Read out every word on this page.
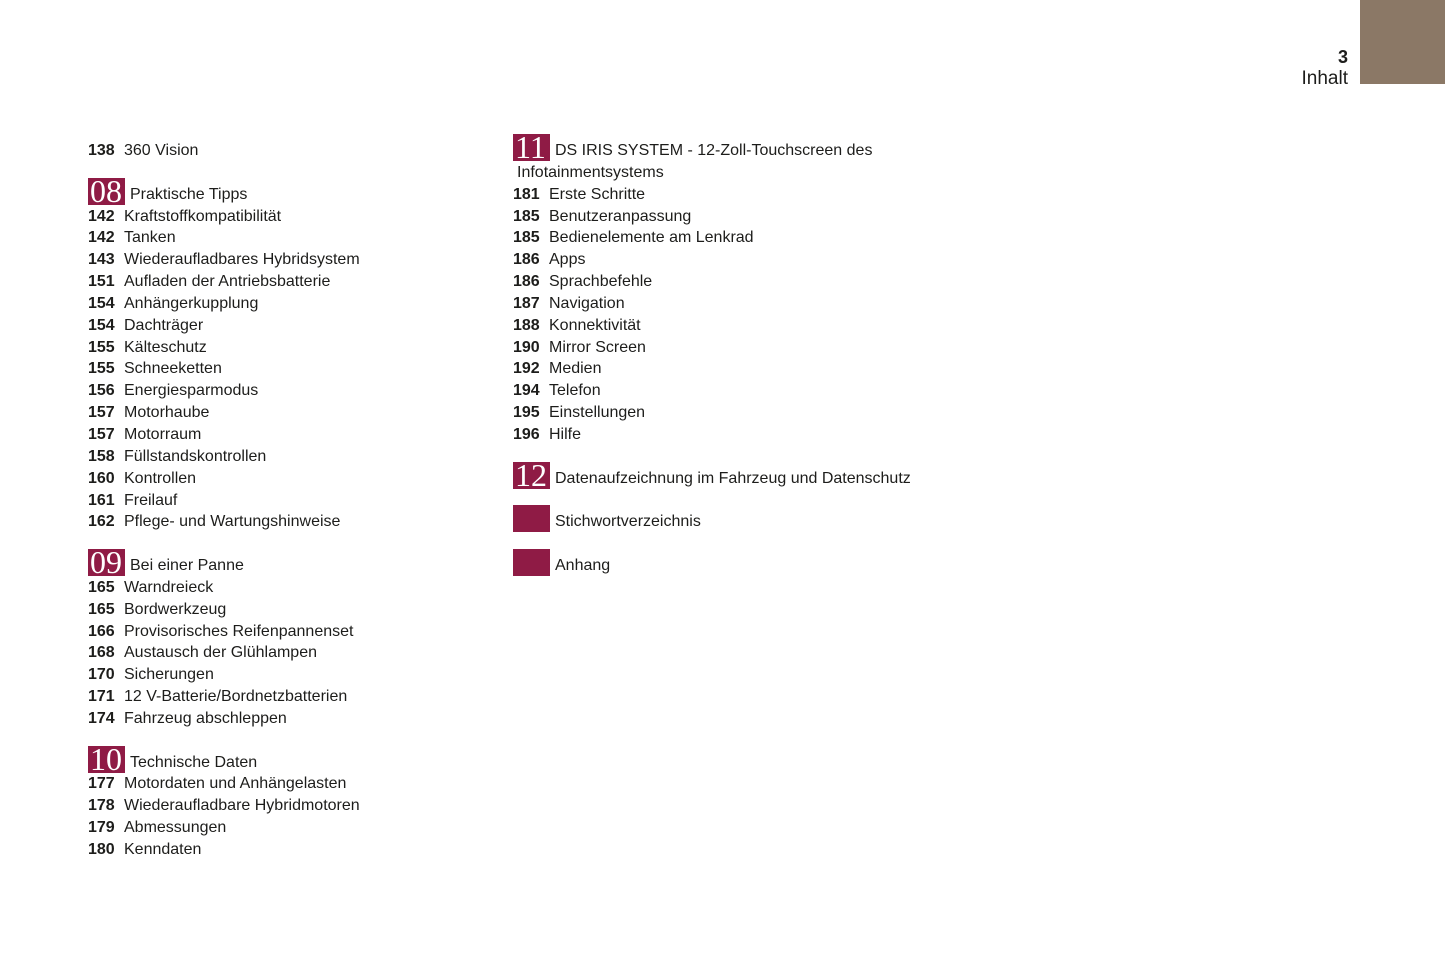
3
Inhalt
138 360 Vision
08 Praktische Tipps
142 Kraftstoffkompatibilität
142 Tanken
143 Wiederaufladbares Hybridsystem
151 Aufladen der Antriebsbatterie
154 Anhängerkupplung
154 Dachträger
155 Kälteschutz
155 Schneeketten
156 Energiesparmodus
157 Motorhaube
157 Motorraum
158 Füllstandskontrollen
160 Kontrollen
161 Freilauf
162 Pflege- und Wartungshinweise
09 Bei einer Panne
165 Warndreieck
165 Bordwerkzeug
166 Provisorisches Reifenpannenset
168 Austausch der Glühlampen
170 Sicherungen
171 12 V-Batterie/Bordnetzbatterien
174 Fahrzeug abschleppen
10 Technische Daten
177 Motordaten und Anhängelasten
178 Wiederaufladbare Hybridmotoren
179 Abmessungen
180 Kenndaten
11 DS IRIS SYSTEM - 12-Zoll-Touchscreen des
Infotainmentsystems
181 Erste Schritte
185 Benutzeranpassung
185 Bedienelemente am Lenkrad
186 Apps
186 Sprachbefehle
187 Navigation
188 Konnektivität
190 Mirror Screen
192 Medien
194 Telefon
195 Einstellungen
196 Hilfe
12 Datenaufzeichnung im Fahrzeug und Datenschutz
Stichwortverzeichnis
Anhang
